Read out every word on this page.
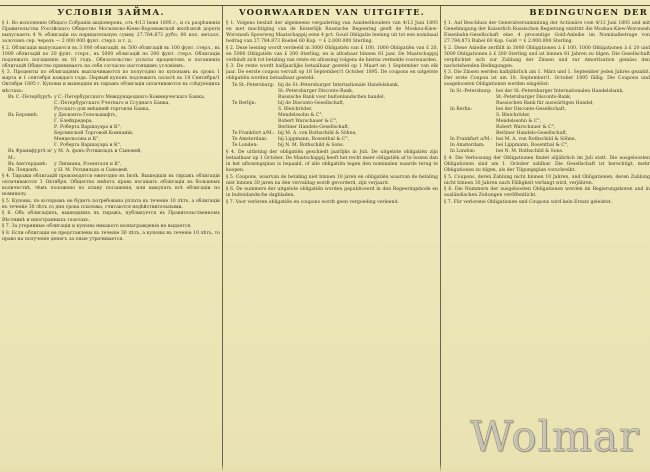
УСЛОВIЯ ЗАЙМА.

§ 1. Во исполненiе Общаго Собранiя акцiонеровъ, отъ 4/13 Iюня 1895 г., и съ разрѣшенiя Правительства Россiйскаго Общество Московско-Кiево-Воронежской желѣзной дороги выпускаетъ 4 % облигацiи на нарицательную сумму 27.784.873 рубл. 60 коп. металл. золотомъ сер. черезъ — 2 000 000 фунт. стерл. и т. д.

§ 2. Облигацiи выпускаются въ 3 000 облигацiй, въ 500 облигацiй въ 100 фунт. стерл., въ 1000 облигацiй по 20 фунт. стерл., въ 5000 облигацiй по 200 фунт. стерл. Облигацiи подлежатъ погашенiю въ 81 годъ. Обязательство уплаты процентовъ и погашенiя облигацiй Общество принимаетъ на себя согласно настоящимъ условiямъ.

§ 3. Проценты по облигацiямъ выплачиваются по полугодно по купонамъ въ срокъ 1 марта и 1 сентября каждаго года. Первый купонъ подлежитъ оплатѣ въ 18 Сентября/1 Октября 1895 г. Купоны и вышедшiя въ тиражъ облигацiи оплачиваются въ слѣдующихъ мѣстахъ:

Въ С.-Петербургѣ: у С.-Петербургскаго Международнаго Коммерческаго Банка,
С.-Петербургскаго Учетнаго и Ссуднаго Банка,
Русскаго для внѣшней торговли Банка,
Въ Берлинѣ:	у Дисконто-Гезельшафтъ,
Г. Блейхредера,
Р. Роберта Варшауэра и К°,
Берлинской Торговой Компанiи,
Мендельсона и К°,
Г. Роберта Варшауэра и К°,
Въ Франкфуртѣ н/М.:
у М. А. фонъ-Ротшильдъ и Сыновей,
Въ Амстердамѣ:	у Липмана, Розенталя и К°,
Въ Лондонѣ:	у Н. М. Ротшильдъ и Сыновей.

§ 4. Тиражи облигацiй производятся ежегодно въ Iюлѣ. Вышедшiя въ тиражъ облигацiи оплачиваются 1 Октября. Общество имѣетъ право погашать облигацiи въ большемъ количествѣ, чѣмъ положено по плану погашенiя, или выкупать всѣ облигацiи по номиналу.

§ 5. Купоны, по которымъ не будетъ потребована уплата въ теченiе 10 лѣтъ, а облигацiи въ теченiе 30 лѣтъ со дня срока платежа, считаются недѣйствительными.

§ 6. Объ облигацiяхъ, вышедшихъ въ тиражъ, публикуется въ Правительственномъ Вѣстникѣ и иностранныхъ газетахъ.

§ 7. За утерянные облигацiи и купоны никакого вознагражденiя не выдается.

§ 8. Если облигацiи не представлены въ теченiе 30 лѣтъ, а купоны въ теченiе 10 лѣтъ, то право на полученiе денегъ за оные утрачивается.

VOORWAARDEN VAN UITGIFTE.

§ 1. Volgens besluit der algemeene vergadering van Aandeelhouders van 4/13 Juni 1895 en met machtiging van de Keizerlijk Russische Regeering geeft de Moskou-Kiew-Woronesh Spoorweg Maatschappij eene 4 pct. Goud Obligatie leening uit tot een nominaal bedrag van 27.784.873 Roebel 60 Kop. = £ 2.000.000 Sterling.

§ 2. Deze leening wordt verdeeld in 3000 Obligatiën van £ 100, 1000 Obligatiën van £ 20, en 5000 Obligatiën van £ 200 Sterling, en is aflosbaar binnen 81 jaar. De Maatschappij verbindt zich tot betaling van rente en aflossing volgens de hierna vermelde voorwaarden.

§ 3. De rente wordt halfjaarlijks betaalbaar gesteld op 1 Maart en 1 September van elk jaar. De eerste coupon vervalt op 18 September/1 October 1895. De coupons en uitgelote obligatiën worden betaalbaar gesteld:

Te St.-Petersburg: bij de St.-Petersburger Internationale Handelsbank,
St.-Petersburger Disconto-Bank,
Russische Bank voor buitenlandschen handel,
Te Berlijn:	bij de Disconto-Gesellschaft,
S. Bleichröder,
Mendelssohn & C°,
Robert Warschauer & C°,
Berliner Handels-Gesellschaft,
Te Frankfort a/M.: bij M. A. von Rothschild & Söhne,
Te Amsterdam:	bij Lippmann, Rosenthal & C°,
Te Londen:	bij N. M. Rothschild & Sons.

§ 4. De uitloting der obligatiën geschiedt jaarlijks in Juli. De uitgelote obligatiën zijn betaalbaar op 1 October. De Maatschappij heeft het recht meer obligatiën af te lossen dan in het aflossingsplan is bepaald, of alle obligatiën tegen den nominalen waarde terug te koopen.

§ 5. Coupons, waarvan de betaling niet binnen 10 jaren en obligatiën waarvan de betaling niet binnen 30 jaren na den vervaldag wordt gevorderd, zijn verjaard.

§ 6. De nummers der uitgelote obligatiën worden gepubliceerd in den Regeeringsbode en in buitenlandsche dagbladen.

§ 7. Voor verloren obligatiën en coupons wordt geen vergoeding verleend.

BEDINGUNGEN DER

§ 1. Auf Beschluss der Generalversammlung der Actionäre vom 4/13 Juni 1895 und mit Genehmigung der Kaiserlich Russischen Regierung emittirt die Moskau-Kiew-Woronesh Eisenbahn-Gesellschaft eine 4 procentige Gold-Anleihe im Nominalbetrage von 27.784.873 Rubel 60 Kop. Gold = £ 2.000.000 Sterling.

§ 2. Diese Anleihe zerfällt in 3000 Obligationen à £ 100, 1000 Obligationen à £ 20 und 5000 Obligationen à £ 200 Sterling und ist binnen 81 Jahren zu tilgen. Die Gesellschaft verpflichtet sich zur Zahlung der Zinsen und zur Amortisation gemäss den nachstehenden Bedingungen.

§ 3. Die Zinsen werden halbjährlich am 1. März und 1. September jeden Jahres gezahlt. Der erste Coupon ist am 18. September/1. October 1895 fällig. Die Coupons und ausgeloosten Obligationen werden eingelöst:

In St.-Petersburg: bei der St.-Petersburger Internationalen Handelsbank,
St.-Petersburger Disconto-Bank,
Russischen Bank für auswärtigen Handel,
In Berlin:	bei der Disconto-Gesellschaft,
S. Bleichröder,
Mendelssohn & C°,
Robert Warschauer & C°,
Berliner Handels-Gesellschaft,
In Frankfurt a/M.: bei M. A. von Rothschild & Söhne,
In Amsterdam:	bei Lippmann, Rosenthal & C°,
In London:	bei N. M. Rothschild & Sons.

§ 4. Die Verloosung der Obligationen findet alljährlich im Juli statt. Die ausgeloosten Obligationen sind am 1. October zahlbar. Die Gesellschaft ist berechtigt, mehr Obligationen zu tilgen, als der Tilgungsplan vorschreibt.

§ 5. Coupons, deren Zahlung nicht binnen 10 Jahren, und Obligationen, deren Zahlung nicht binnen 30 Jahren nach Fälligkeit verlangt wird, verjähren.

§ 6. Die Nummern der ausgeloosten Obligationen werden im Regierungsboten und in ausländischen Zeitungen veröffentlicht.

§ 7. Für verlorene Obligationen und Coupons wird kein Ersatz geleistet.

Wolmar
